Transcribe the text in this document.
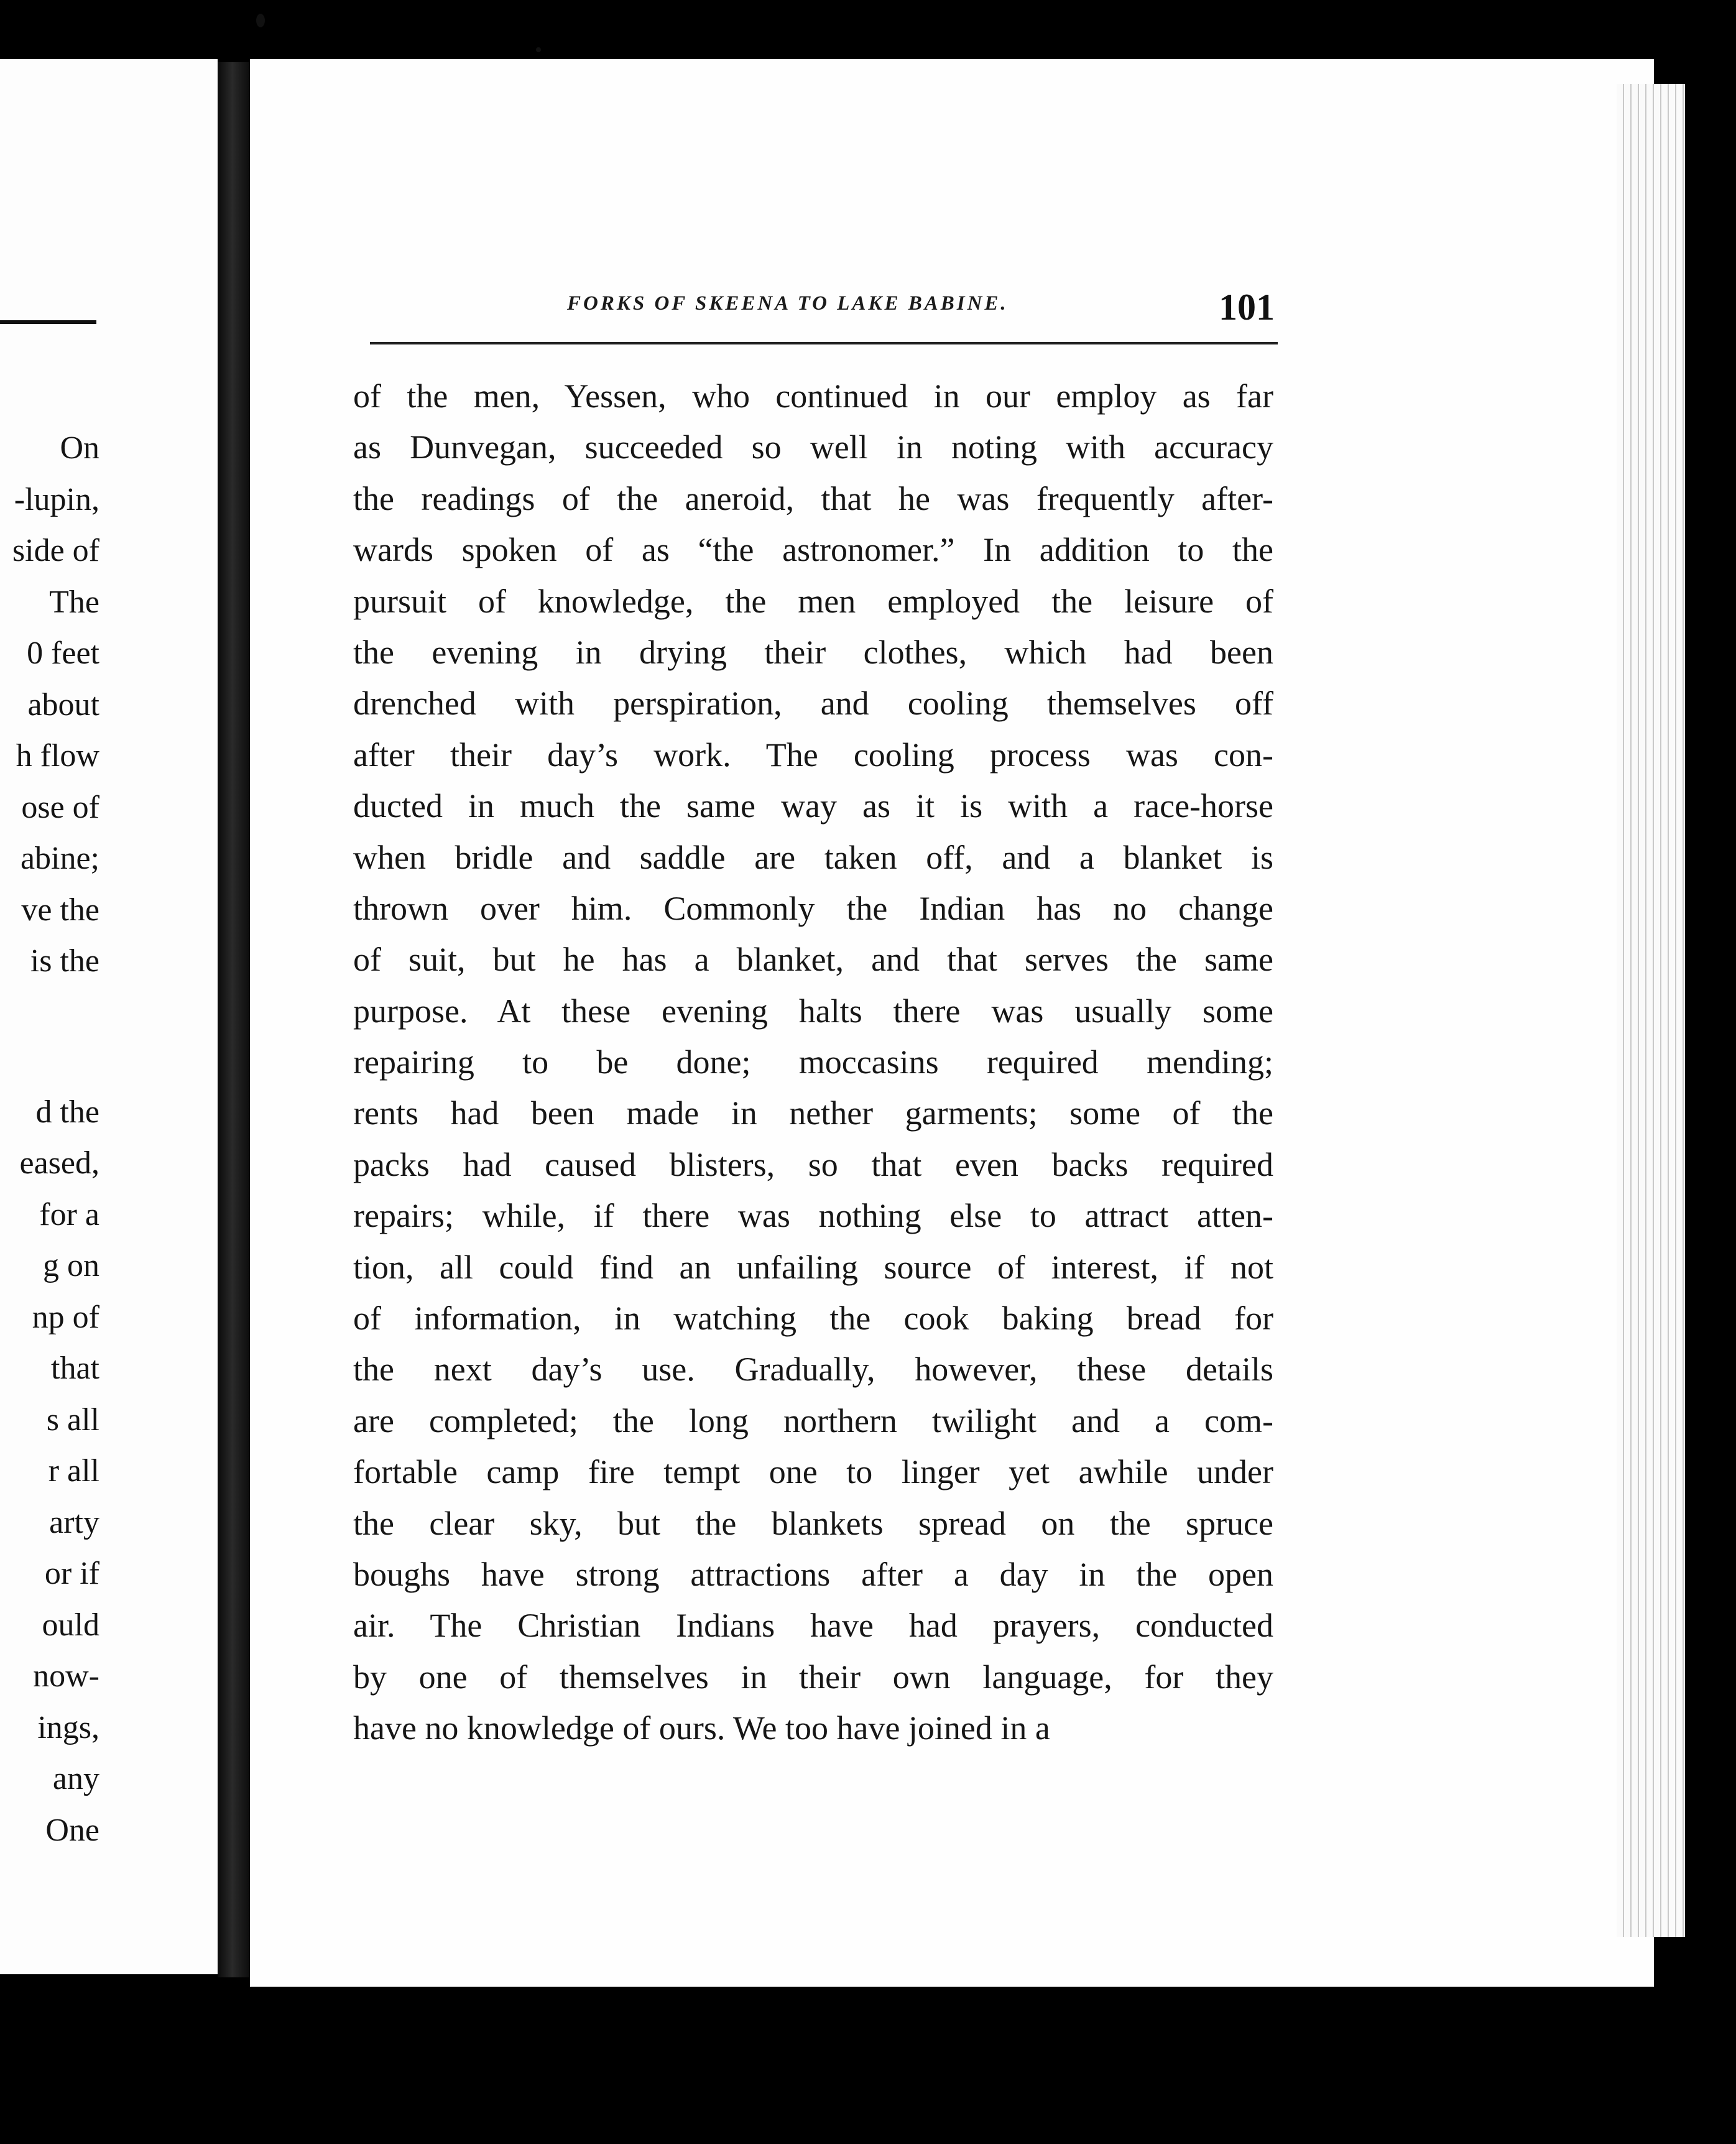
On
-lupin,
side of
The
0 feet
about
h flow
ose of
abine;
ve the
is the
d the
eased,
for a
g on
np of
that
s all
r all
arty
or if
ould
now-
ings,
any
One
FORKS OF SKEENA TO LAKE BABINE.	101
of the men, Yessen, who continued in our employ as far
as Dunvegan, succeeded so well in noting with accuracy
the readings of the aneroid, that he was frequently after-
wards spoken of as “the astronomer.” In addition to the
pursuit of knowledge, the men employed the leisure of
the evening in drying their clothes, which had been
drenched with perspiration, and cooling themselves off
after their day’s work. The cooling process was con-
ducted in much the same way as it is with a race-horse
when bridle and saddle are taken off, and a blanket is
thrown over him. Commonly the Indian has no change
of suit, but he has a blanket, and that serves the same
purpose. At these evening halts there was usually some
repairing to be done; moccasins required mending;
rents had been made in nether garments; some of the
packs had caused blisters, so that even backs required
repairs; while, if there was nothing else to attract atten-
tion, all could find an unfailing source of interest, if not
of information, in watching the cook baking bread for
the next day’s use. Gradually, however, these details
are completed; the long northern twilight and a com-
fortable camp fire tempt one to linger yet awhile under
the clear sky, but the blankets spread on the spruce
boughs have strong attractions after a day in the open
air. The Christian Indians have had prayers, conducted
by one of themselves in their own language, for they
have no knowledge of ours. We too have joined in a
